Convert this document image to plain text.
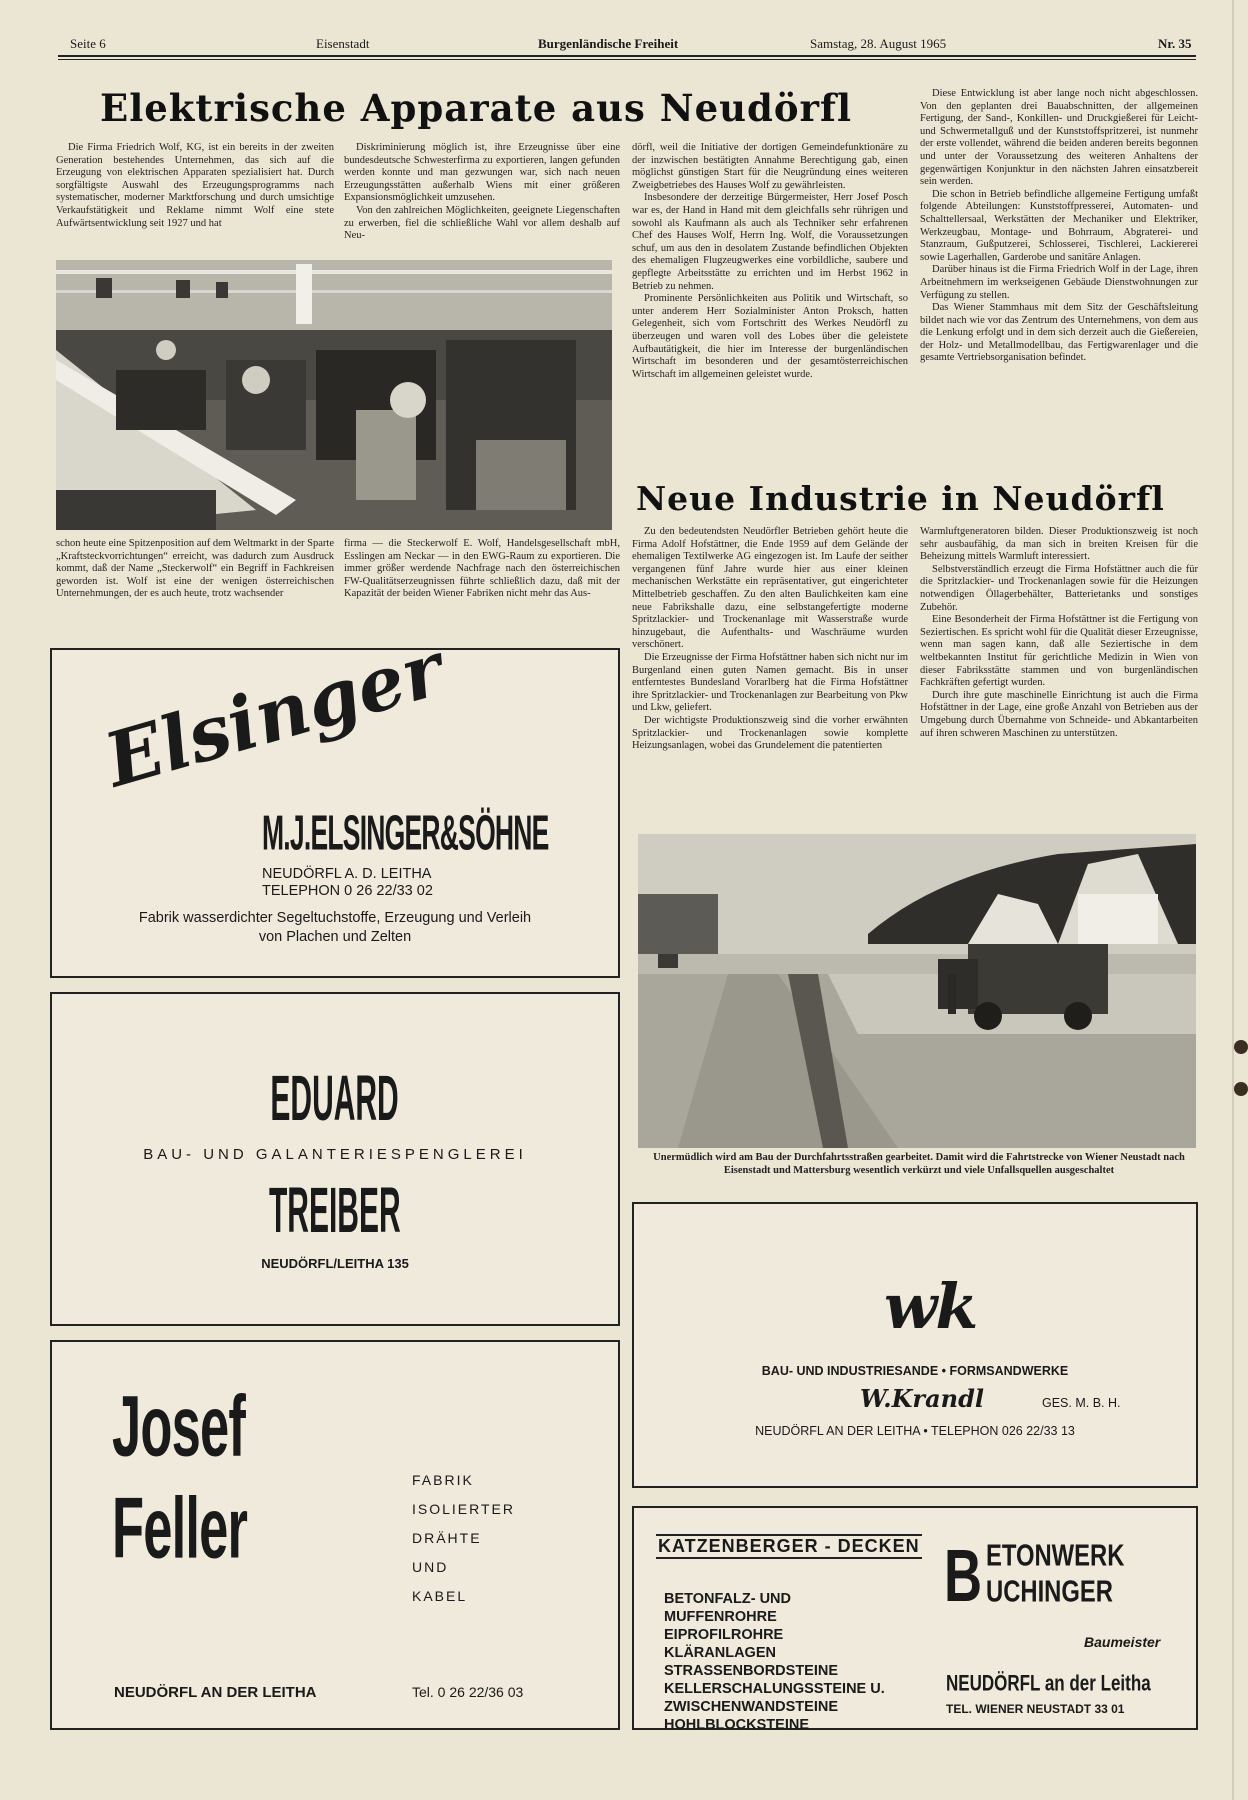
Seite 6	Eisenstadt	Burgenländische Freiheit	Samstag, 28. August 1965	Nr. 35
Elektrische Apparate aus Neudörfl

Die Firma Friedrich Wolf, KG, ist ein bereits in der zweiten Generation bestehendes Unternehmen, das sich auf die Erzeugung von elektrischen Apparaten spezialisiert hat. Durch sorgfältigste Auswahl des Erzeugungsprogramms nach systematischer, moderner Marktforschung und durch umsichtige Verkaufstätigkeit und Reklame nimmt Wolf eine stete Aufwärtsentwicklung seit 1927 und hat

Diskriminierung möglich ist, ihre Erzeugnisse über eine bundesdeutsche Schwesterfirma zu exportieren, langen gefunden werden konnte und man gezwungen war, sich nach neuen Erzeugungsstätten außerhalb Wiens mit einer größeren Expansionsmöglichkeit umzusehen.

Von den zahlreichen Möglichkeiten, geeignete Liegenschaften zu erwerben, fiel die schließliche Wahl vor allem deshalb auf Neu-

schon heute eine Spitzenposition auf dem Weltmarkt in der Sparte „Kraftsteckvorrichtungen“ erreicht, was dadurch zum Ausdruck kommt, daß der Name „Steckerwolf“ ein Begriff in Fachkreisen geworden ist. Wolf ist eine der wenigen österreichischen Unternehmungen, der es auch heute, trotz wachsender

firma — die Steckerwolf E. Wolf, Handelsgesellschaft mbH, Esslingen am Neckar — in den EWG-Raum zu exportieren. Die immer größer werdende Nachfrage nach den österreichischen FW-Qualitätserzeugnissen führte schließlich dazu, daß mit der Kapazität der beiden Wiener Fabriken nicht mehr das Aus-

dörfl, weil die Initiative der dortigen Gemeindefunktionäre zu der inzwischen bestätigten Annahme Berechtigung gab, einen möglichst günstigen Start für die Neugründung eines weiteren Zweigbetriebes des Hauses Wolf zu gewährleisten.

Insbesondere der derzeitige Bürgermeister, Herr Josef Posch war es, der Hand in Hand mit dem gleichfalls sehr rührigen und sowohl als Kaufmann als auch als Techniker sehr erfahrenen Chef des Hauses Wolf, Herrn Ing. Wolf, die Voraussetzungen schuf, um aus den in desolatem Zustande befindlichen Objekten des ehemaligen Flugzeugwerkes eine vorbildliche, saubere und gepflegte Arbeitsstätte zu errichten und im Herbst 1962 in Betrieb zu nehmen.

Prominente Persönlichkeiten aus Politik und Wirtschaft, so unter anderem Herr Sozialminister Anton Proksch, hatten Gelegenheit, sich vom Fortschritt des Werkes Neudörfl zu überzeugen und waren voll des Lobes über die geleistete Aufbautätigkeit, die hier im Interesse der burgenländischen Wirtschaft im besonderen und der gesamtösterreichischen Wirtschaft im allgemeinen geleistet wurde.

Diese Entwicklung ist aber lange noch nicht abgeschlossen. Von den geplanten drei Bauabschnitten, der allgemeinen Fertigung, der Sand-, Konkillen- und Druckgießerei für Leicht- und Schwermetallguß und der Kunststoffspritzerei, ist nunmehr der erste vollendet, während die beiden anderen bereits begonnen und unter der Voraussetzung des weiteren Anhaltens der gegenwärtigen Konjunktur in den nächsten Jahren einsatzbereit sein werden.

Die schon in Betrieb befindliche allgemeine Fertigung umfaßt folgende Abteilungen: Kunststoffpresserei, Automaten- und Schalttellersaal, Werkstätten der Mechaniker und Elektriker, Werkzeugbau, Montage- und Bohrraum, Abgraterei- und Stanzraum, Gußputzerei, Schlosserei, Tischlerei, Lackiererei sowie Lagerhallen, Garderobe und sanitäre Anlagen.

Darüber hinaus ist die Firma Friedrich Wolf in der Lage, ihren Arbeitnehmern im werkseigenen Gebäude Dienstwohnungen zur Verfügung zu stellen.

Das Wiener Stammhaus mit dem Sitz der Geschäftsleitung bildet nach wie vor das Zentrum des Unternehmens, von dem aus die Lenkung erfolgt und in dem sich derzeit auch die Gießereien, der Holz- und Metallmodellbau, das Fertigwarenlager und die gesamte Vertriebsorganisation befindet.

Neue Industrie in Neudörfl

Zu den bedeutendsten Neudörfler Betrieben gehört heute die Firma Adolf Hofstättner, die Ende 1959 auf dem Gelände der ehemaligen Textilwerke AG eingezogen ist. Im Laufe der seither vergangenen fünf Jahre wurde hier aus einer kleinen mechanischen Werkstätte ein repräsentativer, gut eingerichteter Mittelbetrieb geschaffen. Zu den alten Baulichkeiten kam eine neue Fabrikshalle dazu, eine selbstangefertigte moderne Spritzlackier- und Trockenanlage mit Wasserstraße wurde hinzugebaut, die Aufenthalts- und Waschräume wurden verschönert.

Die Erzeugnisse der Firma Hofstättner haben sich nicht nur im Burgenland einen guten Namen gemacht. Bis in unser entferntestes Bundesland Vorarlberg hat die Firma Hofstättner ihre Spritzlackier- und Trockenanlagen zur Bearbeitung von Pkw und Lkw, geliefert.

Der wichtigste Produktionszweig sind die vorher erwähnten Spritzlackier- und Trockenanlagen sowie komplette Heizungsanlagen, wobei das Grundelement die patentierten

Warmluftgeneratoren bilden. Dieser Produktionszweig ist noch sehr ausbaufähig, da man sich in breiten Kreisen für die Beheizung mittels Warmluft interessiert.

Selbstverständlich erzeugt die Firma Hofstättner auch die für die Spritzlackier- und Trockenanlagen sowie für die Heizungen notwendigen Öllagerbehälter, Batterietanks und sonstiges Zubehör.

Eine Besonderheit der Firma Hofstättner ist die Fertigung von Seziertischen. Es spricht wohl für die Qualität dieser Erzeugnisse, wenn man sagen kann, daß alle Seziertische in dem weltbekannten Institut für gerichtliche Medizin in Wien von dieser Fabriksstätte stammen und von burgenländischen Fachkräften gefertigt wurden.

Durch ihre gute maschinelle Einrichtung ist auch die Firma Hofstättner in der Lage, eine große Anzahl von Betrieben aus der Umgebung durch Übernahme von Schneide- und Abkantarbeiten auf ihren schweren Maschinen zu unterstützen.

Unermüdlich wird am Bau der Durchfahrtsstraßen gearbeitet. Damit wird die Fahrtstrecke von Wiener Neustadt nach Eisenstadt und Mattersburg wesentlich verkürzt und viele Unfallsquellen ausgeschaltet
Elsinger
M.J.ELSINGER&SÖHNE
NEUDÖRFL A. D. LEITHA
TELEPHON 0 26 22/33 02
Fabrik wasserdichter Segeltuchstoffe, Erzeugung und Verleih
von Plachen und Zelten
EDUARD
BAU- UND GALANTERIESPENGLEREI
TREIBER
NEUDÖRFL/LEITHA 135
Josef
Feller	FABRIK
ISOLIERTER
DRÄHTE
UND
KABEL
NEUDÖRFL AN DER LEITHA	Tel. 0 26 22/36 03
wk
BAU- UND INDUSTRIESANDE • FORMSANDWERKE
W.Krandl	GES. M. B. H.
NEUDÖRFL AN DER LEITHA • TELEPHON 026 22/33 13
KATZENBERGER - DECKEN
BETONFALZ- UND
MUFFENROHRE
EIPROFILROHRE
KLÄRANLAGEN
STRASSENBORDSTEINE
KELLERSCHALUNGSSTEINE U.
ZWISCHENWANDSTEINE
HOHLBLOCKSTEINE
B ETONWERK
UCHINGER
Baumeister
NEUDÖRFL an der Leitha
TEL. WIENER NEUSTADT 33 01
